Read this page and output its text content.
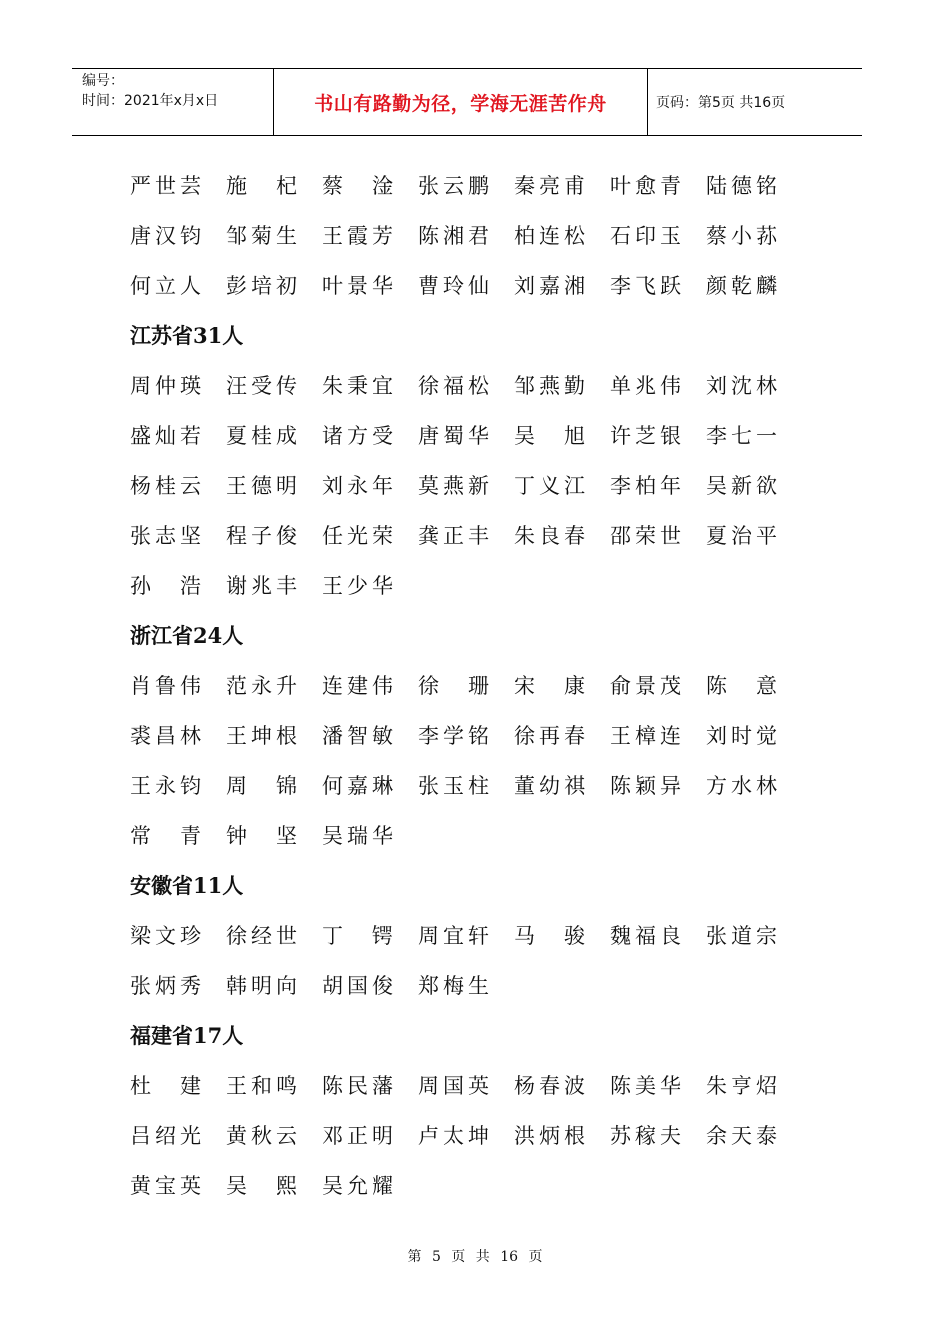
编号：
时间：2021年x月x日	书山有路勤为径，学海无涯苦作舟	页码：第5页 共16页
严世芸	施　杞	蔡　淦	张云鹏	秦亮甫	叶愈青	陆德铭
唐汉钧	邹菊生	王霞芳	陈湘君	柏连松	石印玉	蔡小荪
何立人	彭培初	叶景华	曹玲仙	刘嘉湘	李飞跃	颜乾麟
江苏省31人
周仲瑛	汪受传	朱秉宜	徐福松	邹燕勤	单兆伟	刘沈林
盛灿若	夏桂成	诸方受	唐蜀华	吴　旭	许芝银	李七一
杨桂云	王德明	刘永年	莫燕新	丁义江	李柏年	吴新欲
张志坚	程子俊	任光荣	龚正丰	朱良春	邵荣世	夏治平
孙　浩	谢兆丰	王少华
浙江省24人
肖鲁伟	范永升	连建伟	徐　珊	宋　康	俞景茂	陈　意
裘昌林	王坤根	潘智敏	李学铭	徐再春	王樟连	刘时觉
王永钧	周　锦	何嘉琳	张玉柱	董幼祺	陈颖异	方水林
常　青	钟　坚	吴瑞华
安徽省11人
梁文珍	徐经世	丁　锷	周宜轩	马　骏	魏福良	张道宗
张炳秀	韩明向	胡国俊	郑梅生
福建省17人
杜　建	王和鸣	陈民藩	周国英	杨春波	陈美华	朱亨炤
吕绍光	黄秋云	邓正明	卢太坤	洪炳根	苏稼夫	余天泰
黄宝英	吴　熙	吴允耀
第 5 页 共 16 页
